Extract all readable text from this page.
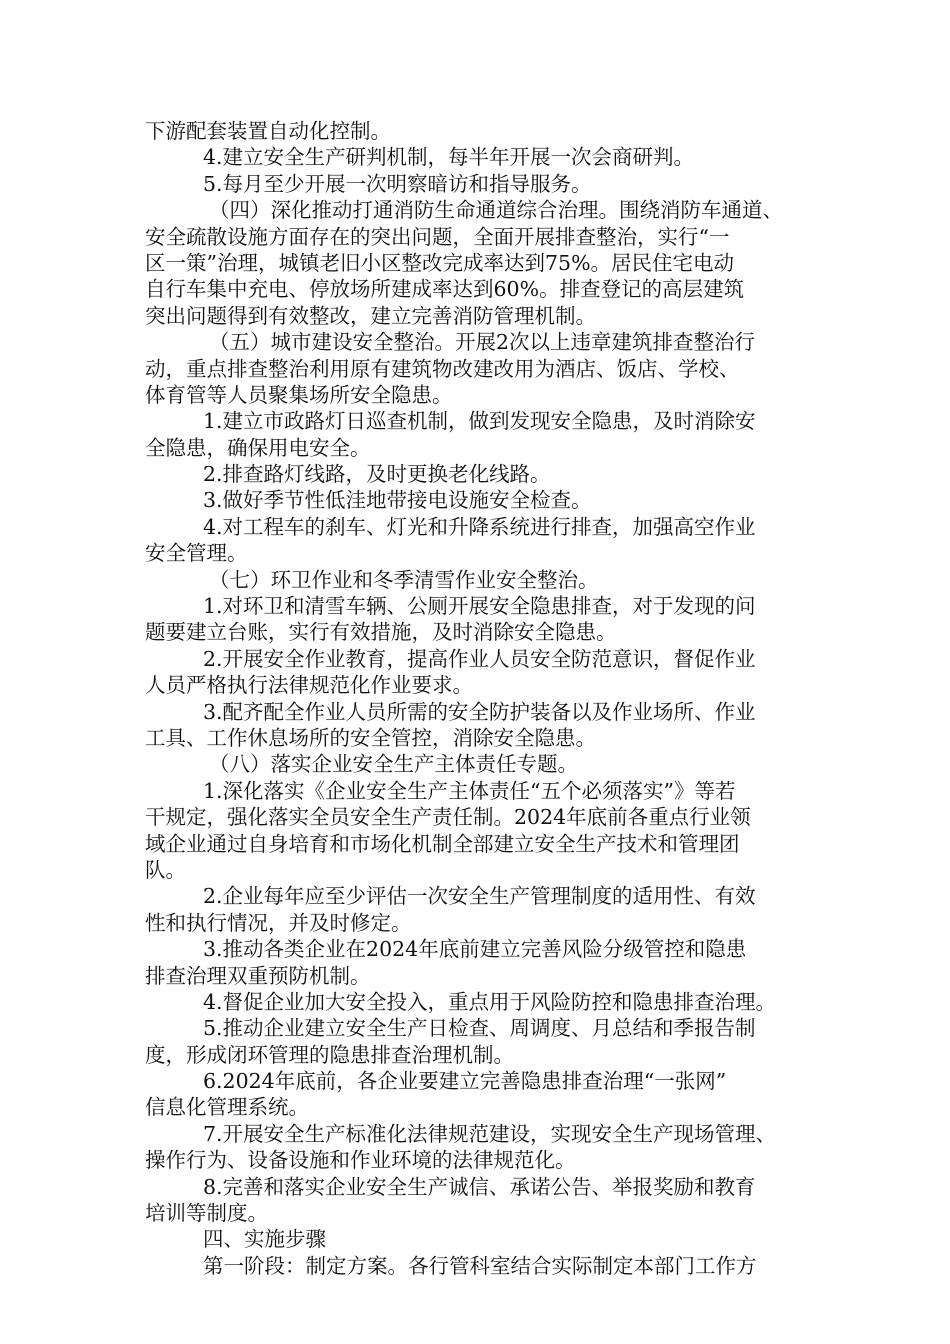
下游配套装置自动化控制。
4.建立安全生产研判机制，每半年开展一次会商研判。
5.每月至少开展一次明察暗访和指导服务。
（四）深化推动打通消防生命通道综合治理。围绕消防车通道、
安全疏散设施方面存在的突出问题，全面开展排查整治，实行“一
区一策”治理，城镇老旧小区整改完成率达到75%。居民住宅电动
自行车集中充电、停放场所建成率达到60%。排查登记的高层建筑
突出问题得到有效整改，建立完善消防管理机制。
（五）城市建设安全整治。开展2次以上违章建筑排查整治行
动，重点排查整治利用原有建筑物改建改用为酒店、饭店、学校、
体育管等人员聚集场所安全隐患。
1.建立市政路灯日巡查机制，做到发现安全隐患，及时消除安
全隐患，确保用电安全。
2.排查路灯线路，及时更换老化线路。
3.做好季节性低洼地带接电设施安全检查。
4.对工程车的刹车、灯光和升降系统进行排查，加强高空作业
安全管理。
（七）环卫作业和冬季清雪作业安全整治。
1.对环卫和清雪车辆、公厕开展安全隐患排查，对于发现的问
题要建立台账，实行有效措施，及时消除安全隐患。
2.开展安全作业教育，提高作业人员安全防范意识，督促作业
人员严格执行法律规范化作业要求。
3.配齐配全作业人员所需的安全防护装备以及作业场所、作业
工具、工作休息场所的安全管控，消除安全隐患。
（八）落实企业安全生产主体责任专题。
1.深化落实《企业安全生产主体责任“五个必须落实”》等若
干规定，强化落实全员安全生产责任制。2024年底前各重点行业领
域企业通过自身培育和市场化机制全部建立安全生产技术和管理团
队。
2.企业每年应至少评估一次安全生产管理制度的适用性、有效
性和执行情况，并及时修定。
3.推动各类企业在2024年底前建立完善风险分级管控和隐患
排查治理双重预防机制。
4.督促企业加大安全投入，重点用于风险防控和隐患排查治理。
5.推动企业建立安全生产日检查、周调度、月总结和季报告制
度，形成闭环管理的隐患排查治理机制。
6.2024年底前，各企业要建立完善隐患排查治理“一张网”
信息化管理系统。
7.开展安全生产标准化法律规范建设，实现安全生产现场管理、
操作行为、设备设施和作业环境的法律规范化。
8.完善和落实企业安全生产诚信、承诺公告、举报奖励和教育
培训等制度。
四、实施步骤
第一阶段：制定方案。各行管科室结合实际制定本部门工作方
